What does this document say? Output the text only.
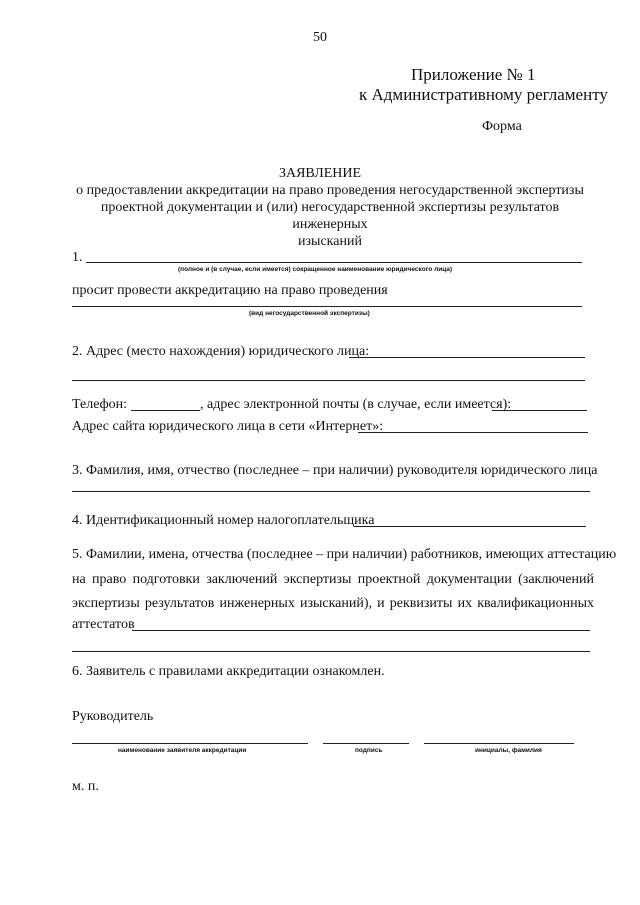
50
Приложение № 1
к Административному регламенту
Форма
ЗАЯВЛЕНИЕ
о предоставлении аккредитации на право проведения негосударственной экспертизы
проектной документации и (или) негосударственной экспертизы результатов инженерных
изысканий
1.
(полное и (в случае, если имеется) сокращенное наименование юридического лица)
просит провести аккредитацию на право проведения
(вид негосударственной экспертизы)
2. Адрес (место нахождения) юридического лица:
Телефон:	, адрес электронной почты (в случае, если имеется):
Адрес сайта юридического лица в сети «Интернет»:
3. Фамилия, имя, отчество (последнее – при наличии) руководителя юридического лица
4. Идентификационный номер налогоплательщика
5. Фамилии, имена, отчества (последнее – при наличии) работников, имеющих аттестацию
на право подготовки заключений экспертизы проектной документации (заключений
экспертизы результатов инженерных изысканий), и реквизиты их квалификационных
аттестатов
6. Заявитель с правилами аккредитации ознакомлен.
Руководитель
наименование заявителя аккредитации	подпись	инициалы, фамилия
м. п.
